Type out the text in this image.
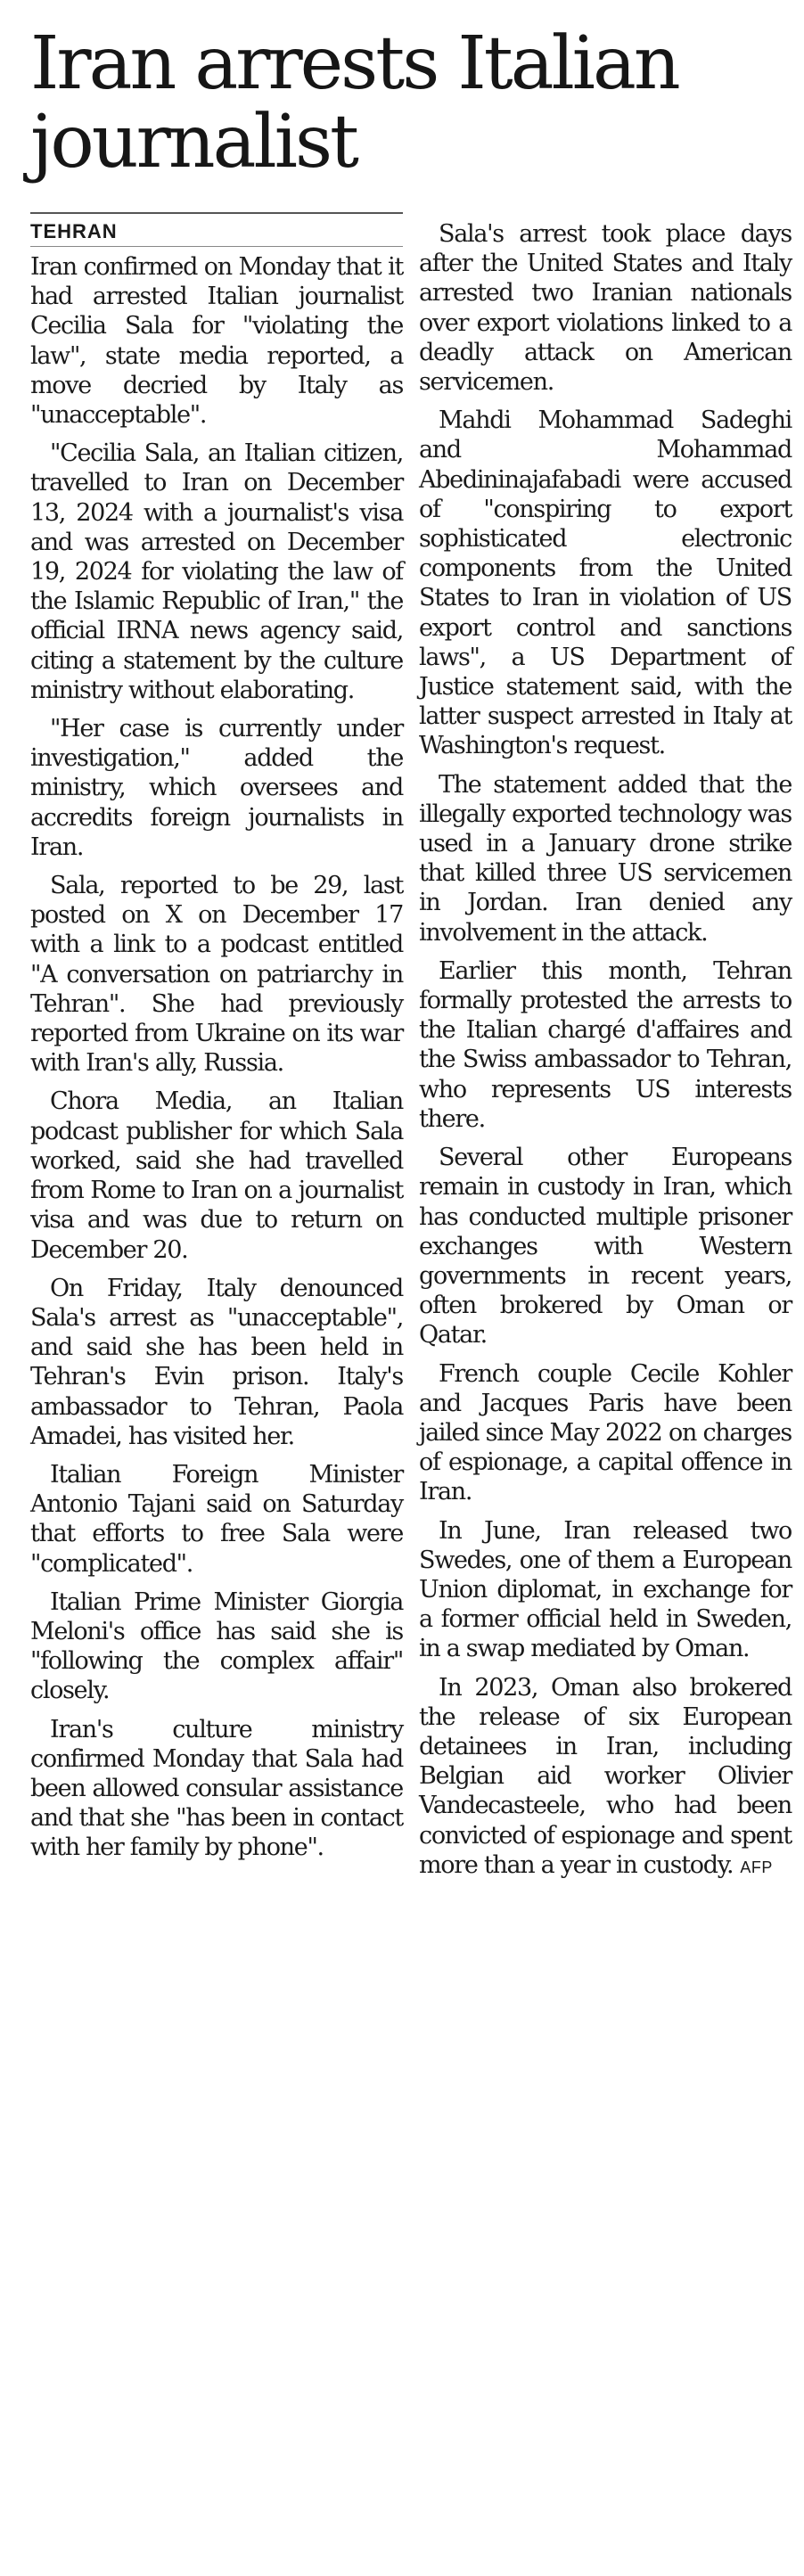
Iran arrests Italian journalist
TEHRAN

Iran confirmed on Monday that it had arrested Italian journalist Cecilia Sala for "violating the law", state media reported, a move decried by Italy as "unacceptable".

"Cecilia Sala, an Italian citizen, travelled to Iran on December 13, 2024 with a journalist's visa and was arrested on December 19, 2024 for violating the law of the Islamic Republic of Iran," the official IRNA news agency said, citing a statement by the culture ministry without elaborating.

"Her case is currently under investigation," added the ministry, which oversees and accredits foreign journalists in Iran.

Sala, reported to be 29, last posted on X on December 17 with a link to a podcast entitled "A conversation on patriarchy in Tehran". She had previously reported from Ukraine on its war with Iran's ally, Russia.

Chora Media, an Italian podcast publisher for which Sala worked, said she had travelled from Rome to Iran on a journalist visa and was due to return on December 20.

On Friday, Italy denounced Sala's arrest as "unacceptable", and said she has been held in Tehran's Evin prison. Italy's ambassador to Tehran, Paola Amadei, has visited her.

Italian Foreign Minister Antonio Tajani said on Saturday that efforts to free Sala were "complicated".

Italian Prime Minister Giorgia Meloni's office has said she is "following the complex affair" closely.

Iran's culture ministry confirmed Monday that Sala had been allowed consular assistance and that she "has been in contact with her family by phone".

Sala's arrest took place days after the United States and Italy arrested two Iranian nationals over export violations linked to a deadly attack on American servicemen.

Mahdi Mohammad Sadeghi and Mohammad Abedininajafabadi were accused of "conspiring to export sophisticated electronic components from the United States to Iran in violation of US export control and sanctions laws", a US Department of Justice statement said, with the latter suspect arrested in Italy at Washington's request.

The statement added that the illegally exported technology was used in a January drone strike that killed three US servicemen in Jordan. Iran denied any involvement in the attack.

Earlier this month, Tehran formally protested the arrests to the Italian chargé d'affaires and the Swiss ambassador to Tehran, who represents US interests there.

Several other Europeans remain in custody in Iran, which has conducted multiple prisoner exchanges with Western governments in recent years, often brokered by Oman or Qatar.

French couple Cecile Kohler and Jacques Paris have been jailed since May 2022 on charges of espionage, a capital offence in Iran.

In June, Iran released two Swedes, one of them a European Union diplomat, in exchange for a former official held in Sweden, in a swap mediated by Oman.

In 2023, Oman also brokered the release of six European detainees in Iran, including Belgian aid worker Olivier Vandecasteele, who had been convicted of espionage and spent more than a year in custody. AFP
